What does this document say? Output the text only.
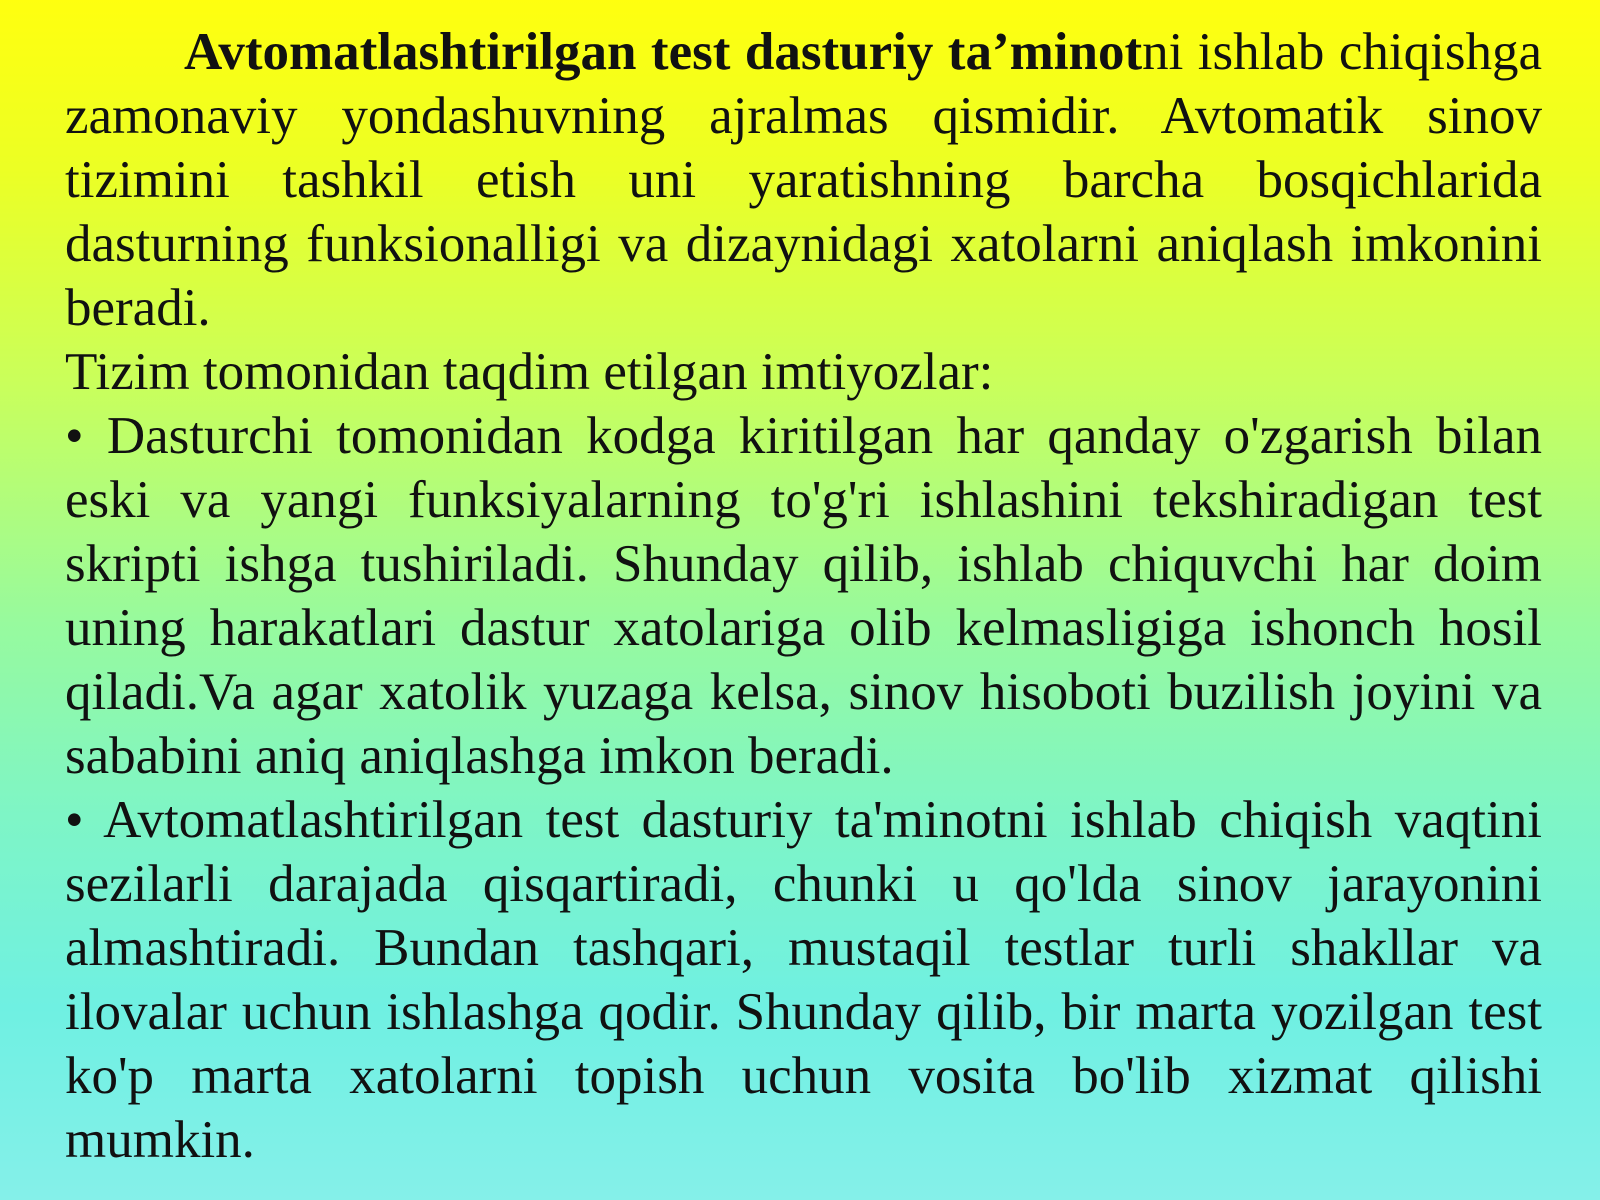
Avtomatlashtirilgan test dasturiy ta’minotni ishlab chiqishga zamonaviy yondashuvning ajralmas qismidir. Avtomatik sinov tizimini tashkil etish uni yaratishning barcha bosqichlarida dasturning funksionalligi va dizaynidagi xatolarni aniqlash imkonini beradi.

Tizim tomonidan taqdim etilgan imtiyozlar:

• Dasturchi tomonidan kodga kiritilgan har qanday o'zgarish bilan eski va yangi funksiyalarning to'g'ri ishlashini tekshiradigan test skripti ishga tushiriladi. Shunday qilib, ishlab chiquvchi har doim uning harakatlari dastur xatolariga olib kelmasligiga ishonch hosil qiladi.Va agar xatolik yuzaga kelsa, sinov hisoboti buzilish joyini va sababini aniq aniqlashga imkon beradi.

• Avtomatlashtirilgan test dasturiy ta'minotni ishlab chiqish vaqtini sezilarli darajada qisqartiradi, chunki u qo'lda sinov jarayonini almashtiradi. Bundan tashqari, mustaqil testlar turli shakllar va ilovalar uchun ishlashga qodir. Shunday qilib, bir marta yozilgan test ko'p marta xatolarni topish uchun vosita bo'lib xizmat qilishi mumkin.
